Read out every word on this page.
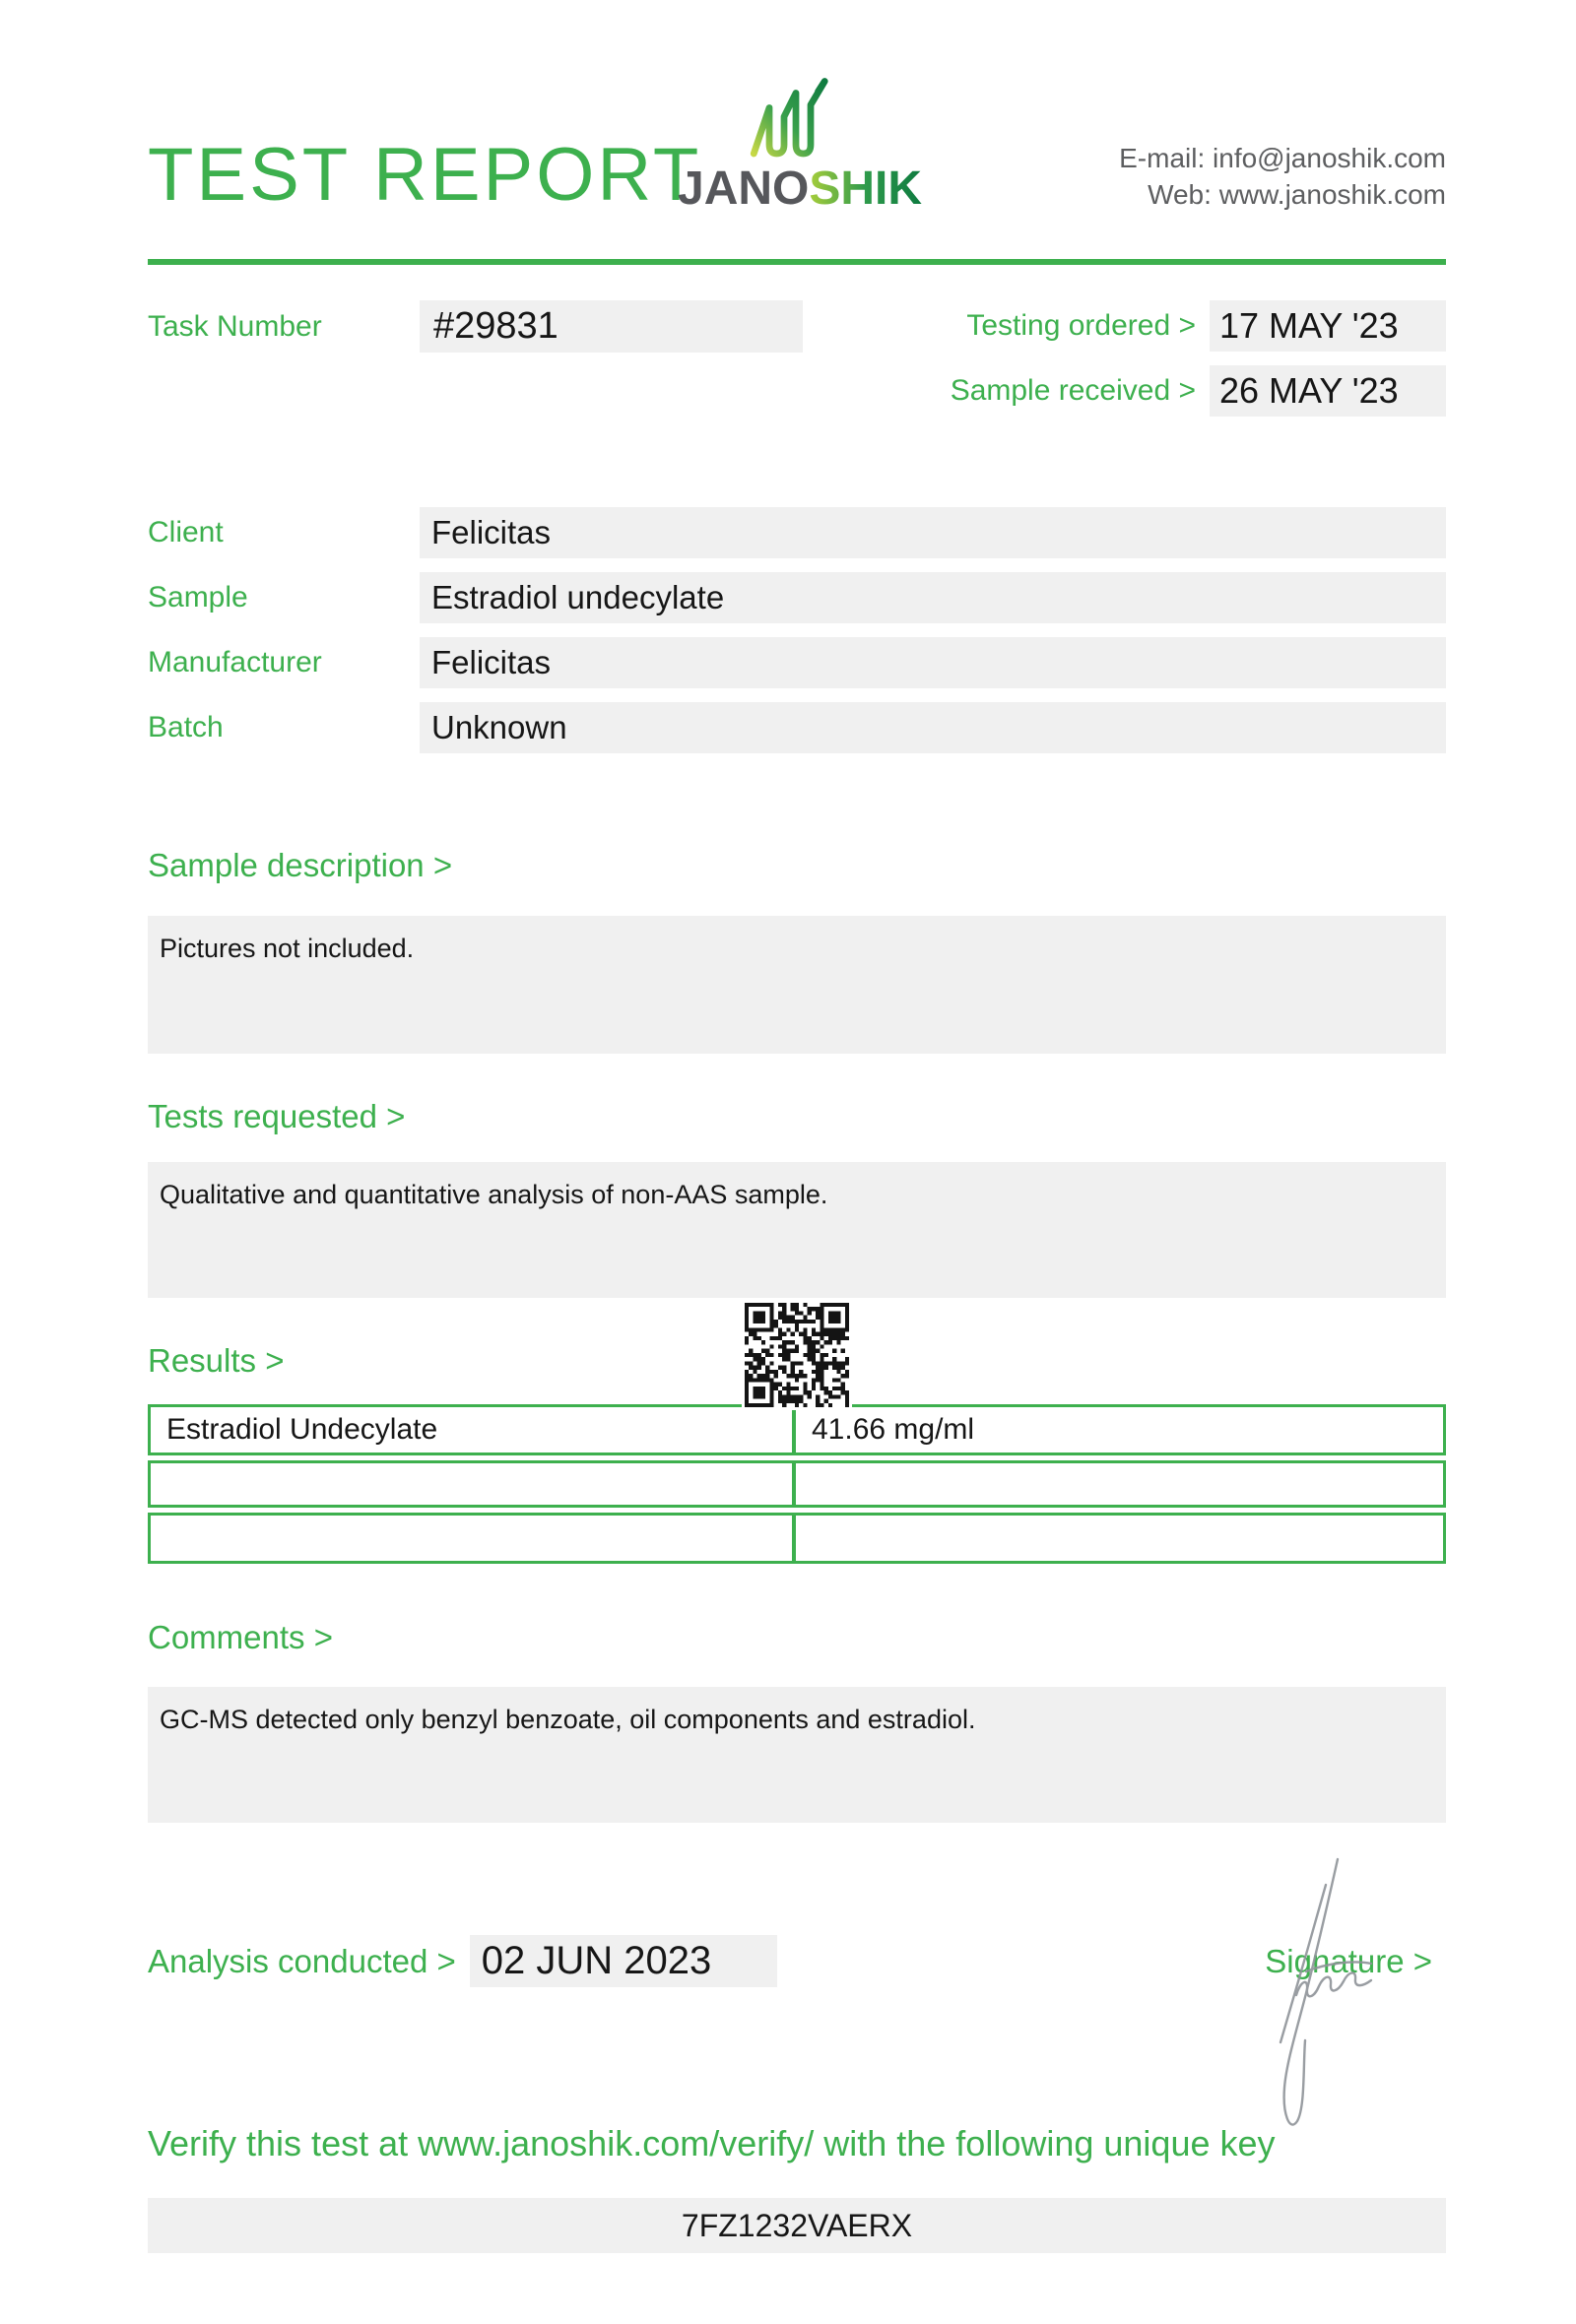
TEST REPORT
JANOSHIK
E-mail: info@janoshik.com
Web: www.janoshik.com
Task Number	#29831	Testing ordered > 17 MAY '23
Sample received > 26 MAY '23
Client	Felicitas
Sample	Estradiol undecylate
Manufacturer	Felicitas
Batch	Unknown
Sample description >
Pictures not included.
Tests requested >
Qualitative and quantitative analysis of non-AAS sample.
Results >
Estradiol Undecylate	41.66 mg/ml
Comments >
GC-MS detected only benzyl benzoate, oil components and estradiol.
Analysis conducted > 02 JUN 2023	Signature >
Verify this test at www.janoshik.com/verify/ with the following unique key
7FZ1232VAERX
